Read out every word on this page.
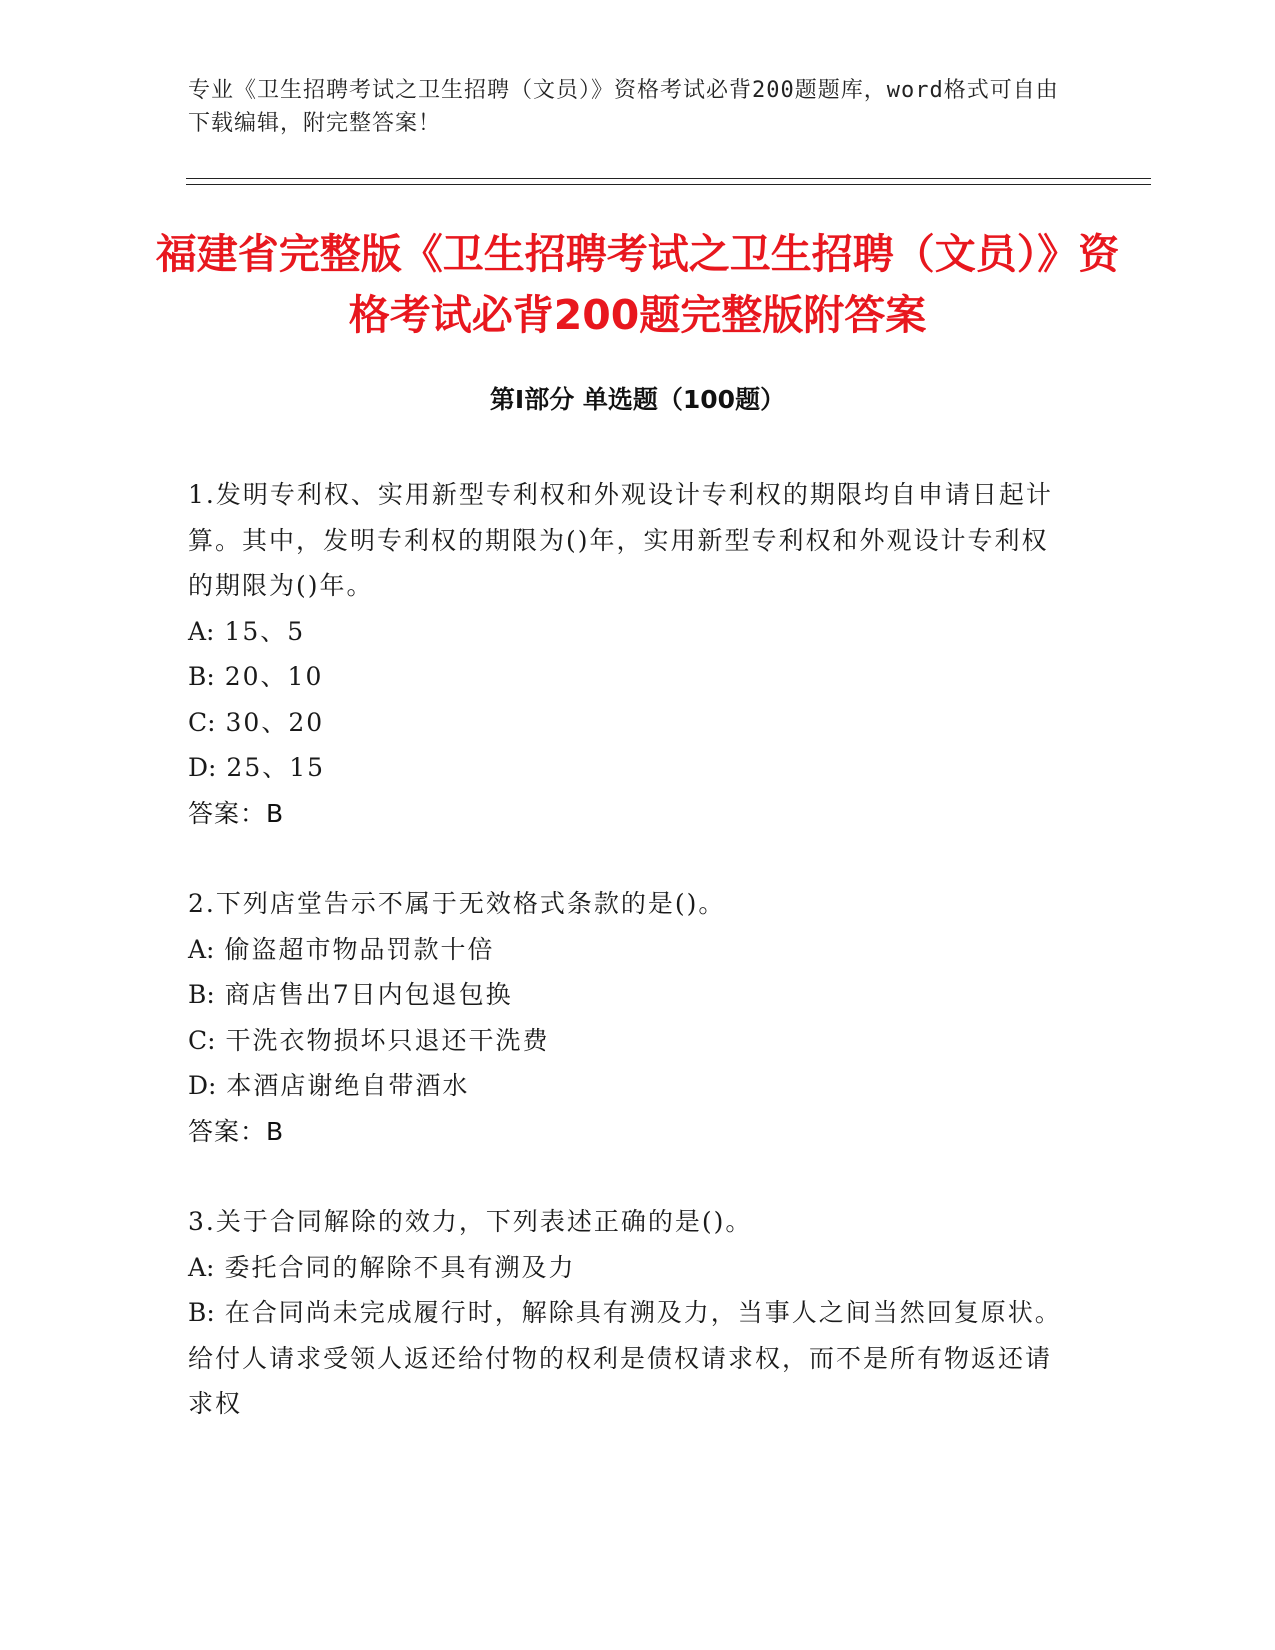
专业《卫生招聘考试之卫生招聘（文员）》资格考试必背200题题库，word格式可自由下载编辑，附完整答案！
福建省完整版《卫生招聘考试之卫生招聘（文员）》资格考试必背200题完整版附答案
第I部分 单选题（100题）
1.发明专利权、实用新型专利权和外观设计专利权的期限均自申请日起计算。其中，发明专利权的期限为()年，实用新型专利权和外观设计专利权的期限为()年。
A: 15、5
B: 20、10
C: 30、20
D: 25、15
答案：B
2.下列店堂告示不属于无效格式条款的是()。
A: 偷盗超市物品罚款十倍
B: 商店售出7日内包退包换
C: 干洗衣物损坏只退还干洗费
D: 本酒店谢绝自带酒水
答案：B
3.关于合同解除的效力，下列表述正确的是()。
A: 委托合同的解除不具有溯及力
B: 在合同尚未完成履行时，解除具有溯及力，当事人之间当然回复原状。给付人请求受领人返还给付物的权利是债权请求权，而不是所有物返还请求权
